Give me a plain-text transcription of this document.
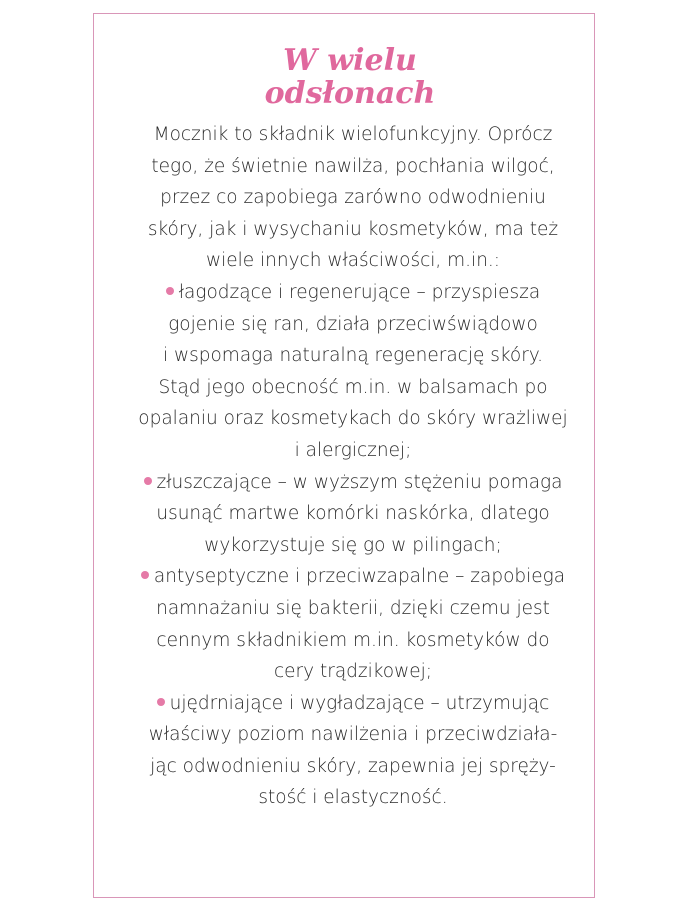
W wielu
odsłonach
Mocznik to składnik wielofunkcyjny. Oprócz
tego, że świetnie nawilża, pochłania wilgoć,
przez co zapobiega zarówno odwodnieniu
skóry, jak i wysychaniu kosmetyków, ma też
wiele innych właściwości, m.in.:
łagodzące i regenerujące – przyspiesza
gojenie się ran, działa przeciwświądowo
i wspomaga naturalną regenerację skóry.
Stąd jego obecność m.in. w balsamach po
opalaniu oraz kosmetykach do skóry wrażliwej
i alergicznej;
złuszczające – w wyższym stężeniu pomaga
usunąć martwe komórki naskórka, dlatego
wykorzystuje się go w pilingach;
antyseptyczne i przeciwzapalne – zapobiega
namnażaniu się bakterii, dzięki czemu jest
cennym składnikiem m.in. kosmetyków do
cery trądzikowej;
ujędrniające i wygładzające – utrzymując
właściwy poziom nawilżenia i przeciwdziała-
jąc odwodnieniu skóry, zapewnia jej spręży-
stość i elastyczność.
